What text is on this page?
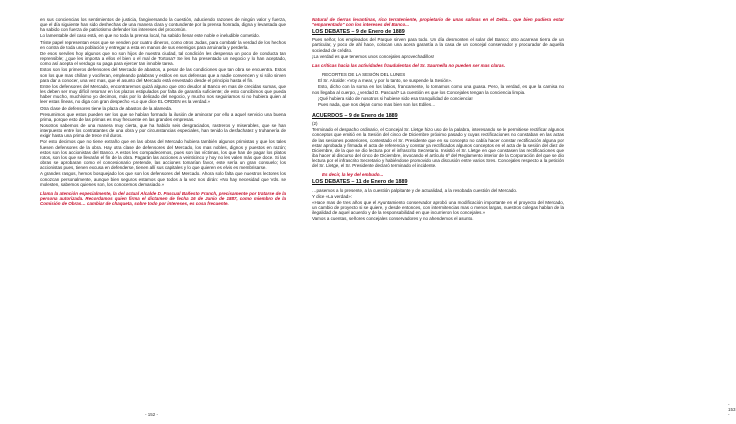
en sus conciencias los sentimientos de justicia, fangiversando la cuestión, aduciendo razones de ningún valor y fuerza, que el día siguiente han sido deshechas de una manera clara y contundente por la prensa honrada, digna y levantada que ha sabido con fuerza de patriotismo defender los intereses del procomún.

Lo lamentable del caso está, en que no toda la prensa local, ha sabido llenar este noble e ineludible cometido.

Triste papel representan esos que se venden por cuatro dineros, como otros Judas, para combatir la verdad de los hechos en contra de toda una población y entregar a esta en manos de sus enemigos para arruinarla y perderla.

De esos serviles hoy algunos que no son hijos de nuestra ciudad, tal condición les despensa un poco de conducta tan reprensible; ¿que les importa a ellos el bien o el mal de Tortosa? Se les ha presentado un negocio y lo han aceptado, como así acepta el verdugo su paga para ejercer tan innoble tarea.

Estos son los primeros defensores del Mercado de abastos, a pesar de las condiciones que tan obra se encuentra. Estos son los que mas chillan y vociferan, empleando palabras y estilos en sus defensas que a nadie convencen y si sólo sirven para dar a conocer, una vez mas, que el asunto del Mercado está envestado desde el principio hasta el fin.

Entre los defensores del Mercado, encontraremos quizá alguno que otro deudor al Banco en mas de crecidas sumas, que les deben ser muy difícil retornar en los plazos estipulados por falta de garantía suficiente; de esto concibimos que pueda haber mucho, muchísimo yo decimos, más por lo delicado del negocio, y mucho nos seguiriamos si no hubiera quien al leer estas líneas, no diga con gran despecho «Lo que dice EL ORDEN es la verdad.»

Otra clase de defensores tiene la plaza de abastos de la alameda.

Presumimos que estos pueden ser los que se habían formado la ilusión de aminorar por ello a aquel servicio una buena prima, porque esto de las primas es muy frecuente en las grandes empresas.

Nosotros sabemos de una manera muy cierta, que ha habido seis desgraciados, rastreros y miserables, que se han interpuesto entre los contratantes de una obra y por circunstancias especiales, han tenido la desfachatez y truhanería de exigir hasta una prima de trece mil duros.

Por esto decimos que no tiene extraño que en las obras del Mercado hubiera también algunos primistas y que los tales fuesen defensores de la obra. Hay otra clase de defensores del Mercado, los mas nobles, dignos y puestos en razón; estos son los accionistas del Banco. A estos les compadecemos, pues son las víctimas, los que han de pagar los platos rotos, son los que se llevarán el fin de la obra. Pagarán las acciones a veinticinco y hoy no les valen más que doce. Si las obras se aprobaran como el concesionario pretende, las acciones tomarían favor, este sería un gran consuelo; los accionistas pues, tienen excusa en defenderse, tienen allí sus capitales y lo que quieren es elvis es membrisarse.

A grandes rasgos, hemos bosquejado los que son los defensores del Mercado. Ahora solo falta que nuestros lectores los conozcan personalmente, aunque bien seguros estamos que todos a la vez nos dirán: «No hay necesidad que Vds. se molesten, sabemos quienes son, los conocemos demasiado.»

Llama la atención especialmente, la del actual Alcalde D. Pascual Bañesto Franch, precisamente por tratarse de la persona autorizada. Recordamos quien firma el dictamen de fecha 16 de Junio de 1887, como miembro de la Comisión de Obras… cambiar de chaqueta, sobre todo por intereses, es cosa frecuente.

- 152 -

Natural de tierras levantinas, rico terrateniente, propietario de unas salinas en el Delta... que bien pudiera estar "emparentado" con los intereses del Banco...

LOS DEBATES – 9 de Enero de 1889

Pues señor, los empleados del Parque sirven para todo. Un día desmonten el solar del Banco; otro acarrean tierra de un particular, y poco de ahí hace, colocan una acera garantía a la casa de un concejal conservador y procurador de aquella sociedad de crédito.

¡La verdad es que tenemos unos concejales aprovechadillos!

Las críticas hacia las actividades fraudulentas del Sr. Saurnella no pueden ser mas claras.

RECORTES DE LA SESIÓN DEL LUNES

El Sr. Alcalde: «Voy a mear, y por lo tanto, se suspende la Sesión».

Esto, dicho con la sorna en los labios, francamente, lo tomamos como una guasa. Pero, la verdad, es que la camisa no nos llegaba al cuerpo, ¿verdad D. Pascual? La cuestión es que los Concejales tengan la conciencia limpia.

¡Qué hubiera sido de nosotros si hubiese sido esa tranquilidad de conciencia!

Pues nada, que nos dejan como mas bien son los Ediles…

ACUERDOS – 9 de Enero de 1889

(2)

Terminado el despacho ordinario, el Concejal Sr. Lletge hizo uso de la palabra, interesando se le permitiese rectificar algunos conceptos que emitió en la Sesión del cinco de Diciembre próximo pasado y cuyas rectificaciones no constaban en las actas de las sesiones posteriores, contestado el Sr. Presidente que en su concepto no cabía hacer constar rectificación alguna por estar aprobada y firmada el acta de referencia y constar ya rectificados algunos conceptos en el acta de la sesión del diez de Diciembre, de la que se dio lectura por el infrascrito Secretario. Insistió el Sr. Lletge en que constasen las rectificaciones que iba hacer al discurso del cinco de Diciembre, invocando el artículo 6º del Reglamento interior de la Corporación del que se dio lectura por el infrascrito Secretario y habiéndose promovido una discusión entre varios Sres. Concejales respecto a la petición del Sr. Lletge, el Sr. Presidente declaró terminado el incidente.

Es decir, la ley del embudo...

LOS DEBATES – 11 de Enero de 1889

…pasemos a lo presente, a la cuestión palpitante y de actualidad, a la resobada cuestión del Mercado.

Y dice «La verdad»:

«Hace mas de tres años que el Ayuntamiento conservador aprobó una modificación importante en el proyecto del Mercado, un cambio de proyecto si se quiere, y desde entonces, con intermitencias mas o menos largas, nuestros colegas hablan de la ilegalidad de aquel acuerdo y de la responsabilidad en que incurrieron los concejales.»

Vamos a cuentas, señores concejales conservadores y no ahendemos el asunto.

- 153 -
